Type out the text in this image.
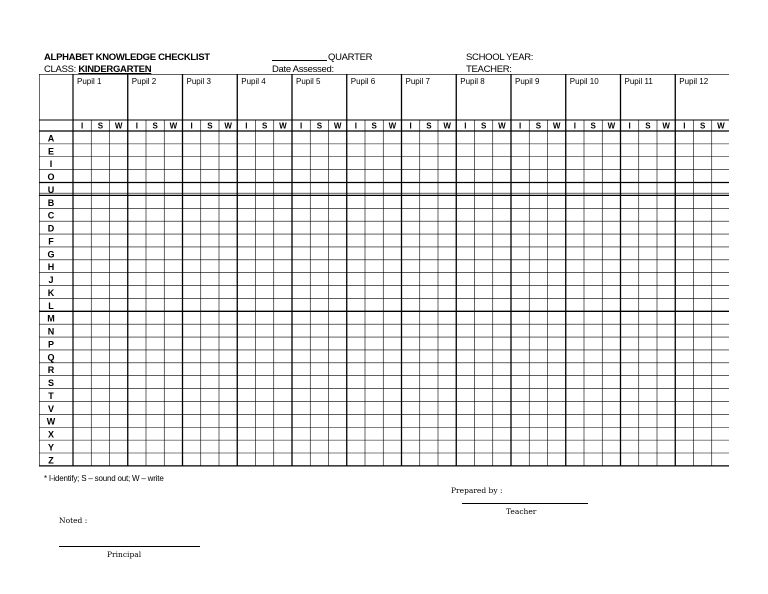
ALPHABET KNOWLEDGE CHECKLIST
CLASS: KINDERGARTEN
QUARTER
Date Assessed:
SCHOOL YEAR:
TEACHER:
Pupil 1	Pupil 2	Pupil 3	Pupil 4	Pupil 5	Pupil 6	Pupil 7	Pupil 8	Pupil 9	Pupil 10	Pupil 11	Pupil 12
I S W I S W I S W I S W I S W I S W I S W I S W I S W I S W I S W I S W
A
E
I
O
U
B
C
D
F
G
H
J
K
L
M
N
P
Q
R
S
T
V
W
X
Y
Z
* I-identify; S – sound out; W – write
Prepared by :
Teacher
Noted :
Principal
